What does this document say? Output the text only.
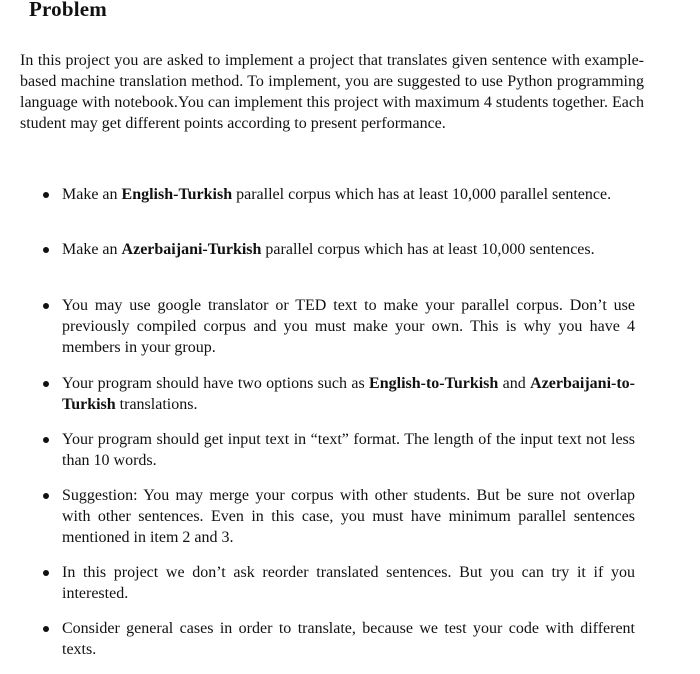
Problem

In this project you are asked to implement a project that translates given sentence with example-based machine translation method. To implement, you are suggested to use Python programming language with notebook.You can implement this project with maximum 4 students together. Each student may get different points according to present performance.

Make an English-Turkish parallel corpus which has at least 10,000 parallel sentence.
Make an Azerbaijani-Turkish parallel corpus which has at least 10,000 sentences.
You may use google translator or TED text to make your parallel corpus. Don’t use previously compiled corpus and you must make your own. This is why you have 4 members in your group.
Your program should have two options such as English-to-Turkish and Azerbaijani-to-Turkish translations.
Your program should get input text in “text” format. The length of the input text not less than 10 words.
Suggestion: You may merge your corpus with other students. But be sure not overlap with other sentences. Even in this case, you must have minimum parallel sentences mentioned in item 2 and 3.
In this project we don’t ask reorder translated sentences. But you can try it if you interested.
Consider general cases in order to translate, because we test your code with different texts.
